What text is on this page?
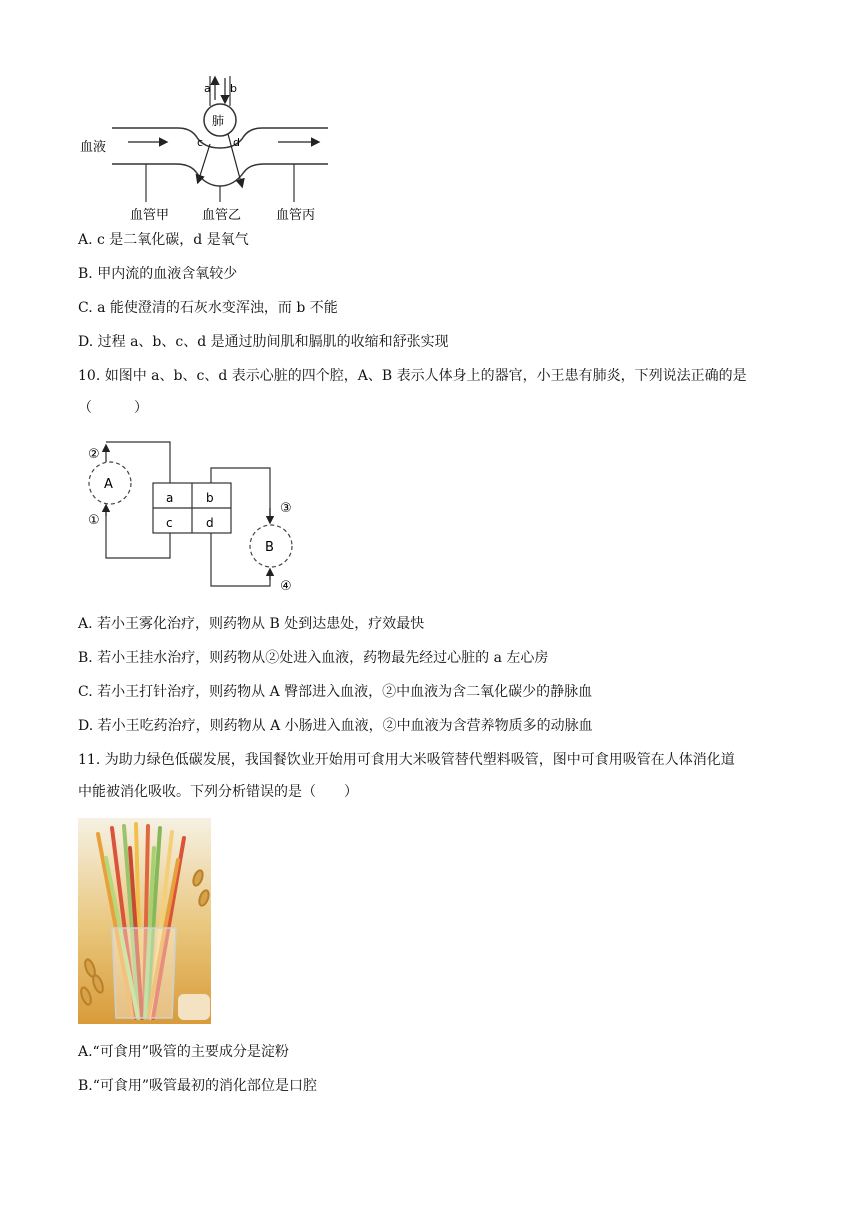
a b
肺
c	d
血液
血管甲	血管乙	血管丙
A. c 是二氧化碳，d 是氧气
B. 甲内流的血液含氧较少
C. a 能使澄清的石灰水变浑浊，而 b 不能
D. 过程 a、b、c、d 是通过肋间肌和膈肌的收缩和舒张实现
10. 如图中 a、b、c、d 表示心脏的四个腔，A、B 表示人体身上的器官，小王患有肺炎，下列说法正确的是
（　　　）
A
B
a	b
c	d
②
①
③
④
A. 若小王雾化治疗，则药物从 B 处到达患处，疗效最快
B. 若小王挂水治疗，则药物从②处进入血液，药物最先经过心脏的 a 左心房
C. 若小王打针治疗，则药物从 A 臀部进入血液，②中血液为含二氧化碳少的静脉血
D. 若小王吃药治疗，则药物从 A 小肠进入血液，②中血液为含营养物质多的动脉血
11. 为助力绿色低碳发展，我国餐饮业开始用可食用大米吸管替代塑料吸管，图中可食用吸管在人体消化道
中能被消化吸收。下列分析错误的是（　　）
A.“可食用”吸管的主要成分是淀粉
B.“可食用”吸管最初的消化部位是口腔
